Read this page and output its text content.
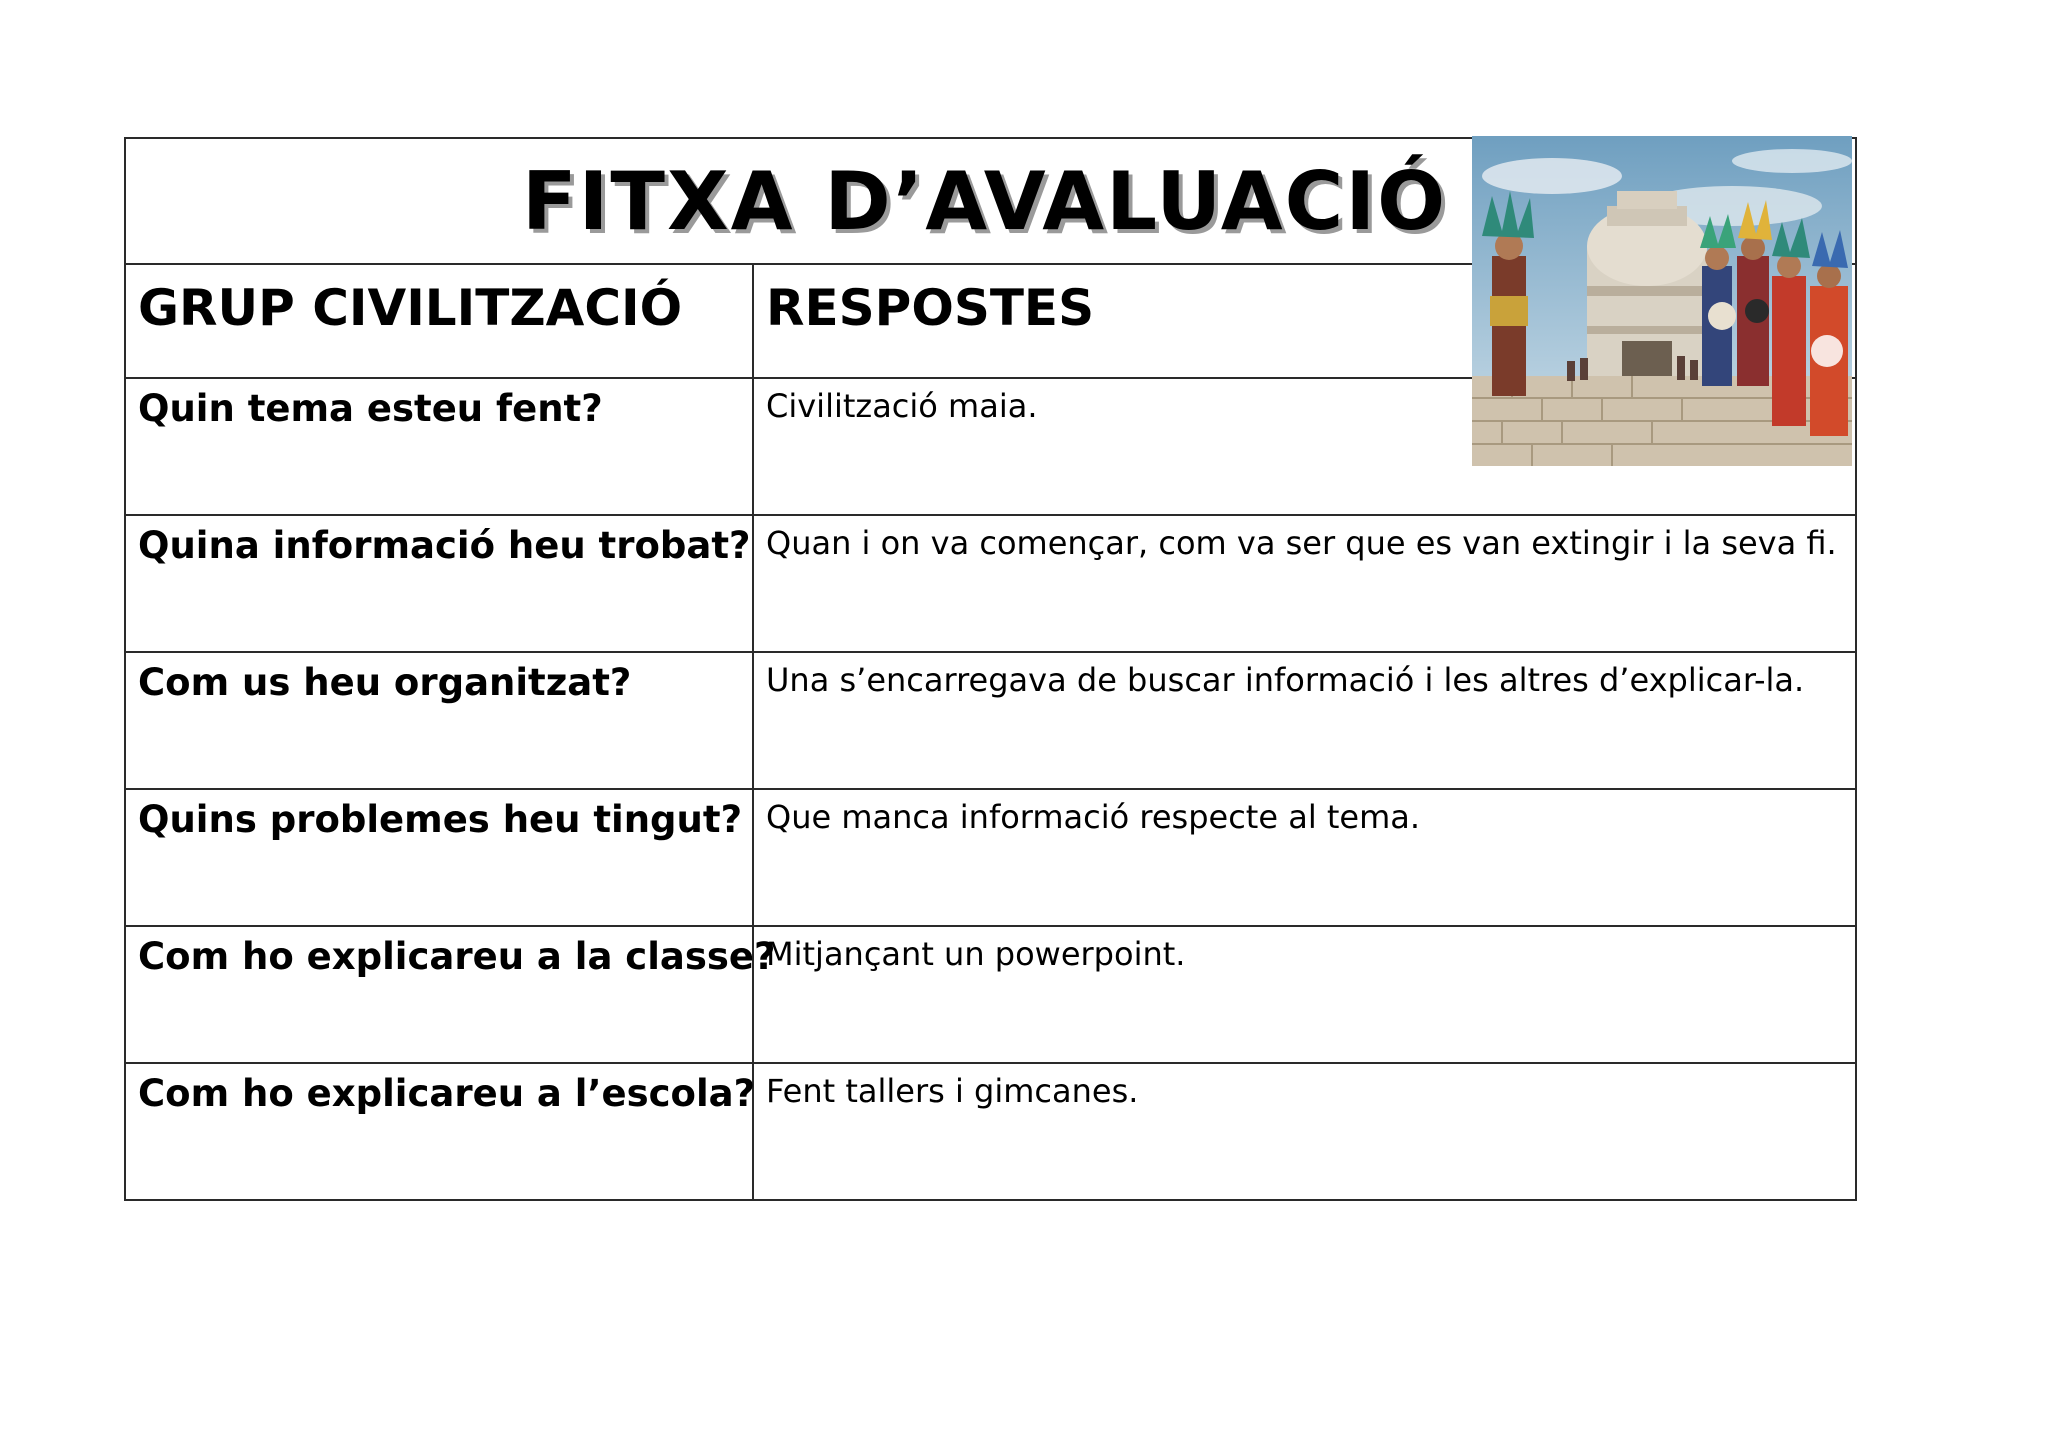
FITXA D’AVALUACIÓ
GRUP CIVILITZACIÓ	RESPOSTES

Quin tema esteu fent?	Civilització maia.

Quina informació heu trobat?	Quan i on va començar, com va ser que es van extingir i la seva fi.

Com us heu organitzat?	Una s’encarregava de buscar informació i les altres d’explicar-la.

Quins problemes heu tingut?	Que manca informació respecte al tema.

Com ho explicareu a la classe?	Mitjançant un powerpoint.

Com ho explicareu a l’escola?	Fent tallers i gimcanes.
